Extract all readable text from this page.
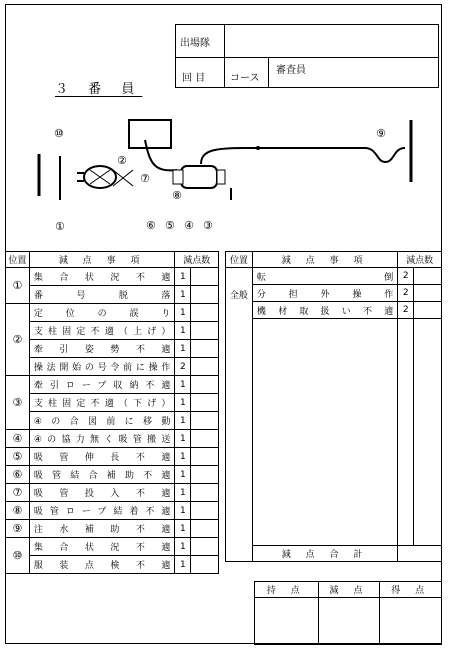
出場隊
回 目 コース
審査員
３ 番 員
⑩	⑨
②
⑦
⑧
①	⑥ ⑤ ④ ③
位置	減 点 事 項	減点数	
①	集合状況不適	1	
	番号脱落	1	
②	定位の誤り	1	
	支柱固定不適（上げ）	1	
	牽引姿勢不適	1	
	操法開始の号令前に操作	2	
③	牽引ロープ収納不適	1	
	支柱固定不適（下げ）	1	
	④の合図前に移動	1	
④	④の協力無く吸管搬送	1	
⑤	吸管伸長不適	1	
⑥	吸管結合補助不適	1	
⑦	吸管投入不適	1	
⑧	吸管ロープ結着不適	1	
⑨	注水補助不適	1	
⑩	集合状況不適	1	
	服装点検不適	1	
位置	減 点 事 項	減点数	
全般	転倒	2	
	分担外操作	2	
	機材取扱い不適	2	

	減 点 合 計		
持 点	減 点	得 点
